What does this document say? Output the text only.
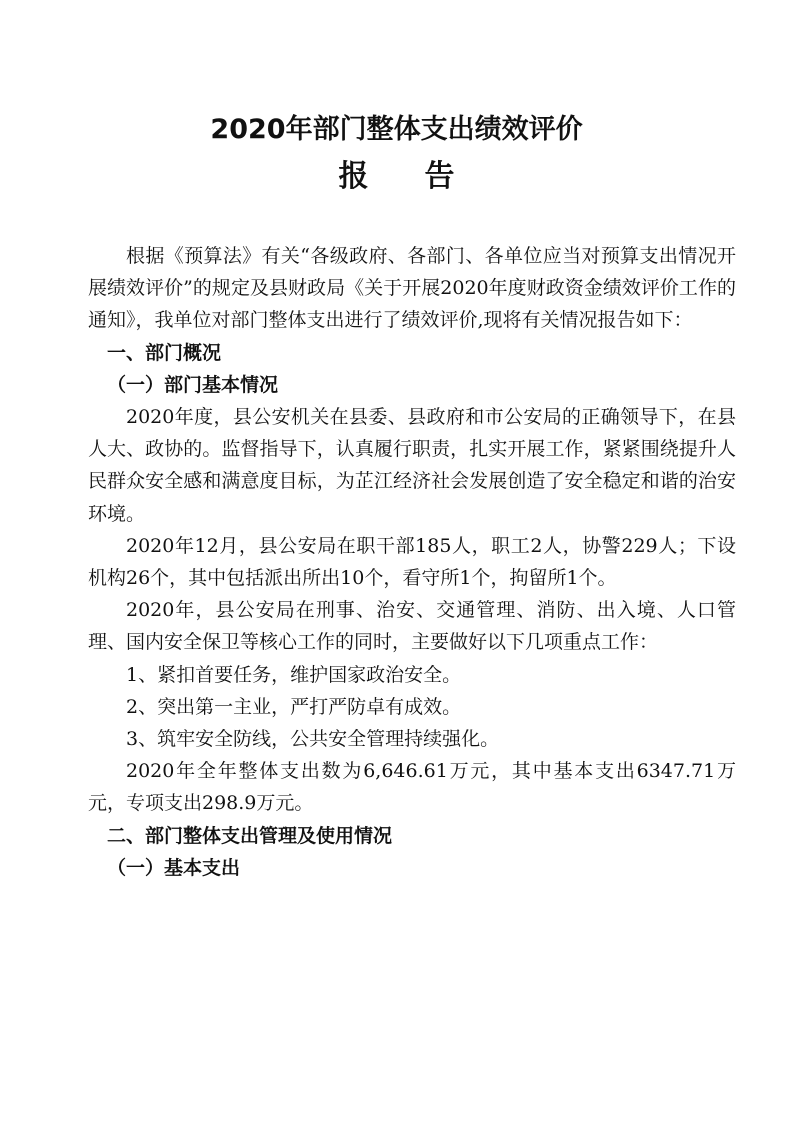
2020年部门整体支出绩效评价
报告

根据《预算法》有关“各级政府、各部门、各单位应当对预算支出情况开展绩效评价”的规定及县财政局《关于开展2020年度财政资金绩效评价工作的通知》，我单位对部门整体支出进行了绩效评价,现将有关情况报告如下：

一、部门概况

（一）部门基本情况

2020年度，县公安机关在县委、县政府和市公安局的正确领导下，在县人大、政协的。监督指导下，认真履行职责，扎实开展工作，紧紧围绕提升人民群众安全感和满意度目标，为芷江经济社会发展创造了安全稳定和谐的治安环境。

2020年12月，县公安局在职干部185人，职工2人，协警229人；下设机构26个，其中包括派出所出10个，看守所1个，拘留所1个。

2020年，县公安局在刑事、治安、交通管理、消防、出入境、人口管理、国内安全保卫等核心工作的同时，主要做好以下几项重点工作：

1、紧扣首要任务，维护国家政治安全。

2、突出第一主业，严打严防卓有成效。

3、筑牢安全防线，公共安全管理持续强化。

2020年全年整体支出数为6,646.61万元，其中基本支出6347.71万元，专项支出298.9万元。

二、部门整体支出管理及使用情况

（一）基本支出
